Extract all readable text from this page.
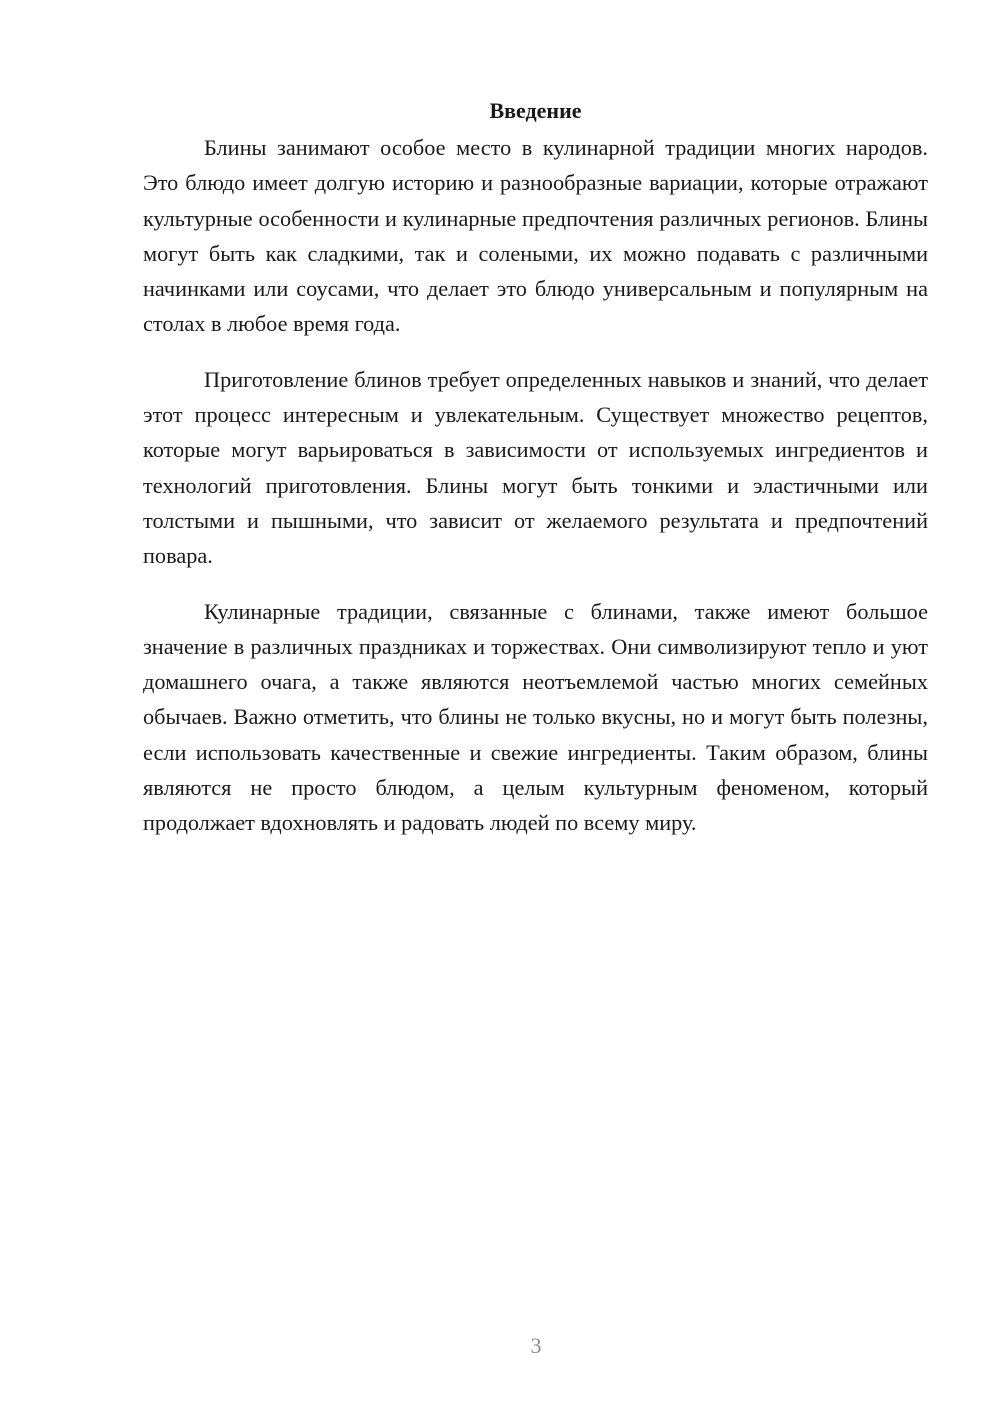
Введение

Блины занимают особое место в кулинарной традиции многих народов. Это блюдо имеет долгую историю и разнообразные вариации, которые отражают культурные особенности и кулинарные предпочтения различных регионов. Блины могут быть как сладкими, так и солеными, их можно подавать с различными начинками или соусами, что делает это блюдо универсальным и популярным на столах в любое время года.

Приготовление блинов требует определенных навыков и знаний, что делает этот процесс интересным и увлекательным. Существует множество рецептов, которые могут варьироваться в зависимости от используемых ингредиентов и технологий приготовления. Блины могут быть тонкими и эластичными или толстыми и пышными, что зависит от желаемого результата и предпочтений повара.

Кулинарные традиции, связанные с блинами, также имеют большое значение в различных праздниках и торжествах. Они символизируют тепло и уют домашнего очага, а также являются неотъемлемой частью многих семейных обычаев. Важно отметить, что блины не только вкусны, но и могут быть полезны, если использовать качественные и свежие ингредиенты. Таким образом, блины являются не просто блюдом, а целым культурным феноменом, который продолжает вдохновлять и радовать людей по всему миру.

3
